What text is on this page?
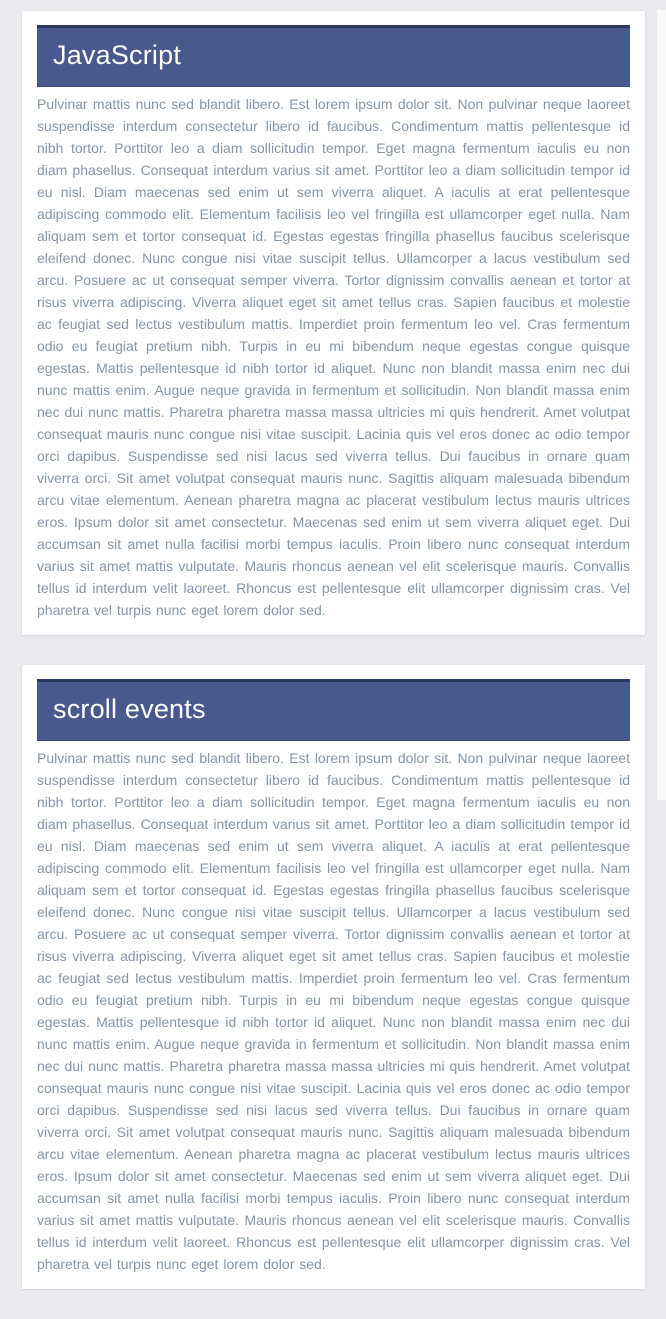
JavaScript

Pulvinar mattis nunc sed blandit libero. Est lorem ipsum dolor sit. Non pulvinar neque laoreet suspendisse interdum consectetur libero id faucibus. Condimentum mattis pellentesque id nibh tortor. Porttitor leo a diam sollicitudin tempor. Eget magna fermentum iaculis eu non diam phasellus. Consequat interdum varius sit amet. Porttitor leo a diam sollicitudin tempor id eu nisl. Diam maecenas sed enim ut sem viverra aliquet. A iaculis at erat pellentesque adipiscing commodo elit. Elementum facilisis leo vel fringilla est ullamcorper eget nulla. Nam aliquam sem et tortor consequat id. Egestas egestas fringilla phasellus faucibus scelerisque eleifend donec. Nunc congue nisi vitae suscipit tellus. Ullamcorper a lacus vestibulum sed arcu. Posuere ac ut consequat semper viverra. Tortor dignissim convallis aenean et tortor at risus viverra adipiscing. Viverra aliquet eget sit amet tellus cras. Sapien faucibus et molestie ac feugiat sed lectus vestibulum mattis. Imperdiet proin fermentum leo vel. Cras fermentum odio eu feugiat pretium nibh. Turpis in eu mi bibendum neque egestas congue quisque egestas. Mattis pellentesque id nibh tortor id aliquet. Nunc non blandit massa enim nec dui nunc mattis enim. Augue neque gravida in fermentum et sollicitudin. Non blandit massa enim nec dui nunc mattis. Pharetra pharetra massa massa ultricies mi quis hendrerit. Amet volutpat consequat mauris nunc congue nisi vitae suscipit. Lacinia quis vel eros donec ac odio tempor orci dapibus. Suspendisse sed nisi lacus sed viverra tellus. Dui faucibus in ornare quam viverra orci. Sit amet volutpat consequat mauris nunc. Sagittis aliquam malesuada bibendum arcu vitae elementum. Aenean pharetra magna ac placerat vestibulum lectus mauris ultrices eros. Ipsum dolor sit amet consectetur. Maecenas sed enim ut sem viverra aliquet eget. Dui accumsan sit amet nulla facilisi morbi tempus iaculis. Proin libero nunc consequat interdum varius sit amet mattis vulputate. Mauris rhoncus aenean vel elit scelerisque mauris. Convallis tellus id interdum velit laoreet. Rhoncus est pellentesque elit ullamcorper dignissim cras. Vel pharetra vel turpis nunc eget lorem dolor sed.

scroll events

Pulvinar mattis nunc sed blandit libero. Est lorem ipsum dolor sit. Non pulvinar neque laoreet suspendisse interdum consectetur libero id faucibus. Condimentum mattis pellentesque id nibh tortor. Porttitor leo a diam sollicitudin tempor. Eget magna fermentum iaculis eu non diam phasellus. Consequat interdum varius sit amet. Porttitor leo a diam sollicitudin tempor id eu nisl. Diam maecenas sed enim ut sem viverra aliquet. A iaculis at erat pellentesque adipiscing commodo elit. Elementum facilisis leo vel fringilla est ullamcorper eget nulla. Nam aliquam sem et tortor consequat id. Egestas egestas fringilla phasellus faucibus scelerisque eleifend donec. Nunc congue nisi vitae suscipit tellus. Ullamcorper a lacus vestibulum sed arcu. Posuere ac ut consequat semper viverra. Tortor dignissim convallis aenean et tortor at risus viverra adipiscing. Viverra aliquet eget sit amet tellus cras. Sapien faucibus et molestie ac feugiat sed lectus vestibulum mattis. Imperdiet proin fermentum leo vel. Cras fermentum odio eu feugiat pretium nibh. Turpis in eu mi bibendum neque egestas congue quisque egestas. Mattis pellentesque id nibh tortor id aliquet. Nunc non blandit massa enim nec dui nunc mattis enim. Augue neque gravida in fermentum et sollicitudin. Non blandit massa enim nec dui nunc mattis. Pharetra pharetra massa massa ultricies mi quis hendrerit. Amet volutpat consequat mauris nunc congue nisi vitae suscipit. Lacinia quis vel eros donec ac odio tempor orci dapibus. Suspendisse sed nisi lacus sed viverra tellus. Dui faucibus in ornare quam viverra orci. Sit amet volutpat consequat mauris nunc. Sagittis aliquam malesuada bibendum arcu vitae elementum. Aenean pharetra magna ac placerat vestibulum lectus mauris ultrices eros. Ipsum dolor sit amet consectetur. Maecenas sed enim ut sem viverra aliquet eget. Dui accumsan sit amet nulla facilisi morbi tempus iaculis. Proin libero nunc consequat interdum varius sit amet mattis vulputate. Mauris rhoncus aenean vel elit scelerisque mauris. Convallis tellus id interdum velit laoreet. Rhoncus est pellentesque elit ullamcorper dignissim cras. Vel pharetra vel turpis nunc eget lorem dolor sed.
